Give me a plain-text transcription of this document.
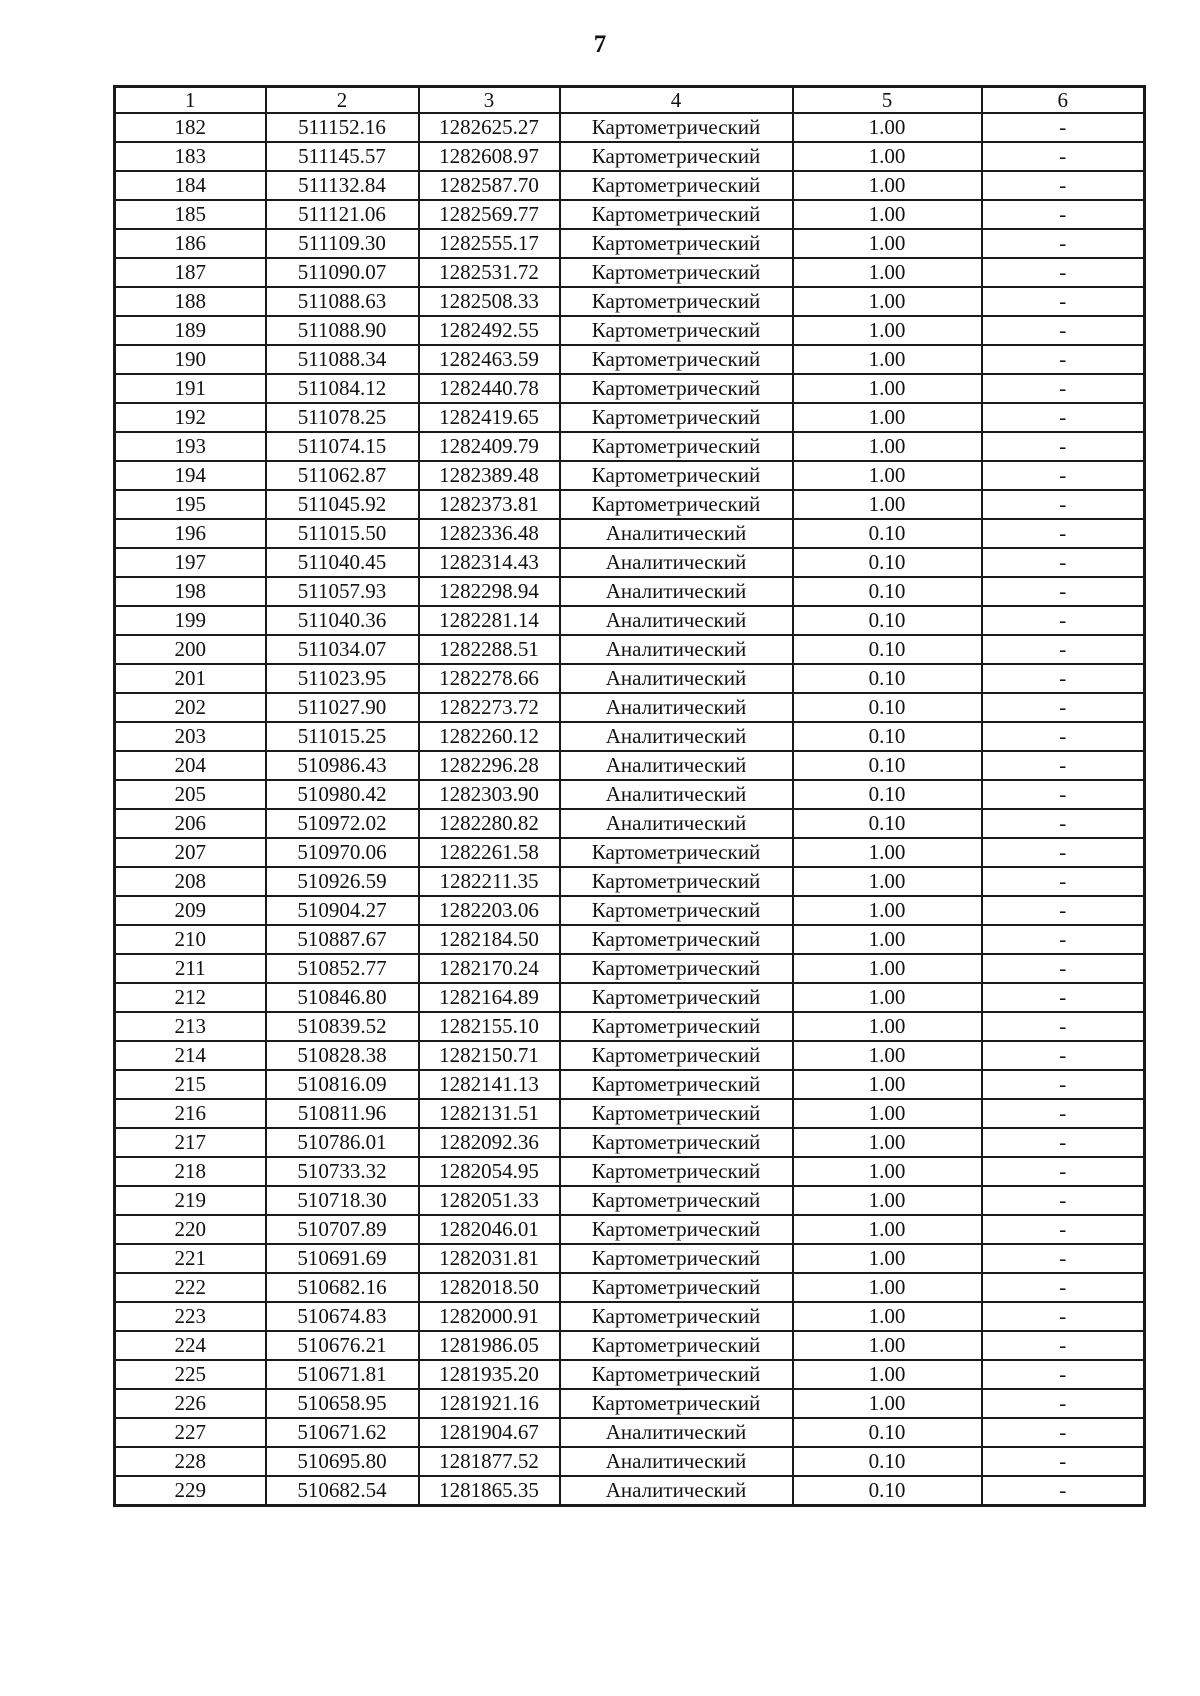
7
1	2	3	4	5	6
182	511152.16	1282625.27	Картометрический	1.00	-
183	511145.57	1282608.97	Картометрический	1.00	-
184	511132.84	1282587.70	Картометрический	1.00	-
185	511121.06	1282569.77	Картометрический	1.00	-
186	511109.30	1282555.17	Картометрический	1.00	-
187	511090.07	1282531.72	Картометрический	1.00	-
188	511088.63	1282508.33	Картометрический	1.00	-
189	511088.90	1282492.55	Картометрический	1.00	-
190	511088.34	1282463.59	Картометрический	1.00	-
191	511084.12	1282440.78	Картометрический	1.00	-
192	511078.25	1282419.65	Картометрический	1.00	-
193	511074.15	1282409.79	Картометрический	1.00	-
194	511062.87	1282389.48	Картометрический	1.00	-
195	511045.92	1282373.81	Картометрический	1.00	-
196	511015.50	1282336.48	Аналитический	0.10	-
197	511040.45	1282314.43	Аналитический	0.10	-
198	511057.93	1282298.94	Аналитический	0.10	-
199	511040.36	1282281.14	Аналитический	0.10	-
200	511034.07	1282288.51	Аналитический	0.10	-
201	511023.95	1282278.66	Аналитический	0.10	-
202	511027.90	1282273.72	Аналитический	0.10	-
203	511015.25	1282260.12	Аналитический	0.10	-
204	510986.43	1282296.28	Аналитический	0.10	-
205	510980.42	1282303.90	Аналитический	0.10	-
206	510972.02	1282280.82	Аналитический	0.10	-
207	510970.06	1282261.58	Картометрический	1.00	-
208	510926.59	1282211.35	Картометрический	1.00	-
209	510904.27	1282203.06	Картометрический	1.00	-
210	510887.67	1282184.50	Картометрический	1.00	-
211	510852.77	1282170.24	Картометрический	1.00	-
212	510846.80	1282164.89	Картометрический	1.00	-
213	510839.52	1282155.10	Картометрический	1.00	-
214	510828.38	1282150.71	Картометрический	1.00	-
215	510816.09	1282141.13	Картометрический	1.00	-
216	510811.96	1282131.51	Картометрический	1.00	-
217	510786.01	1282092.36	Картометрический	1.00	-
218	510733.32	1282054.95	Картометрический	1.00	-
219	510718.30	1282051.33	Картометрический	1.00	-
220	510707.89	1282046.01	Картометрический	1.00	-
221	510691.69	1282031.81	Картометрический	1.00	-
222	510682.16	1282018.50	Картометрический	1.00	-
223	510674.83	1282000.91	Картометрический	1.00	-
224	510676.21	1281986.05	Картометрический	1.00	-
225	510671.81	1281935.20	Картометрический	1.00	-
226	510658.95	1281921.16	Картометрический	1.00	-
227	510671.62	1281904.67	Аналитический	0.10	-
228	510695.80	1281877.52	Аналитический	0.10	-
229	510682.54	1281865.35	Аналитический	0.10	-
